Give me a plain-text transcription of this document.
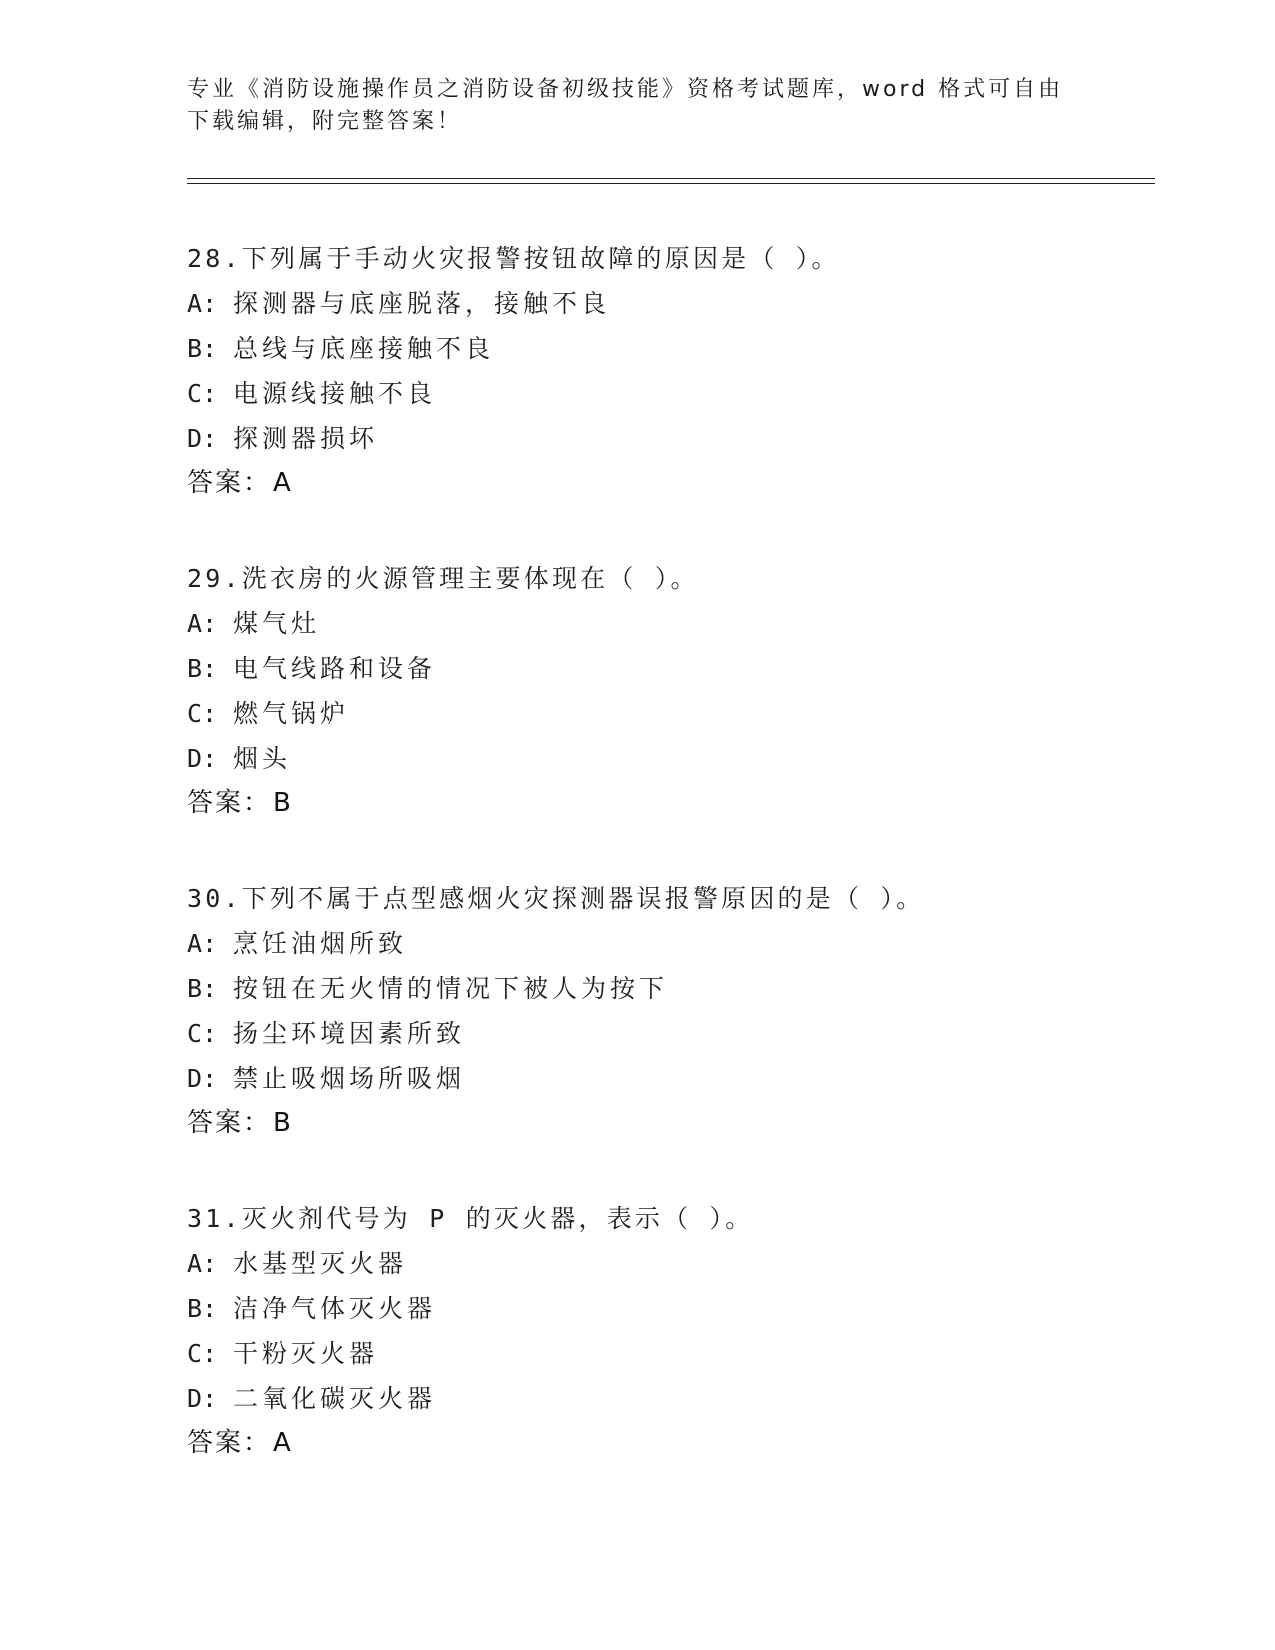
专业《消防设施操作员之消防设备初级技能》资格考试题库，word 格式可自由下载编辑，附完整答案！
28.下列属于手动火灾报警按钮故障的原因是（ ）。
A: 探测器与底座脱落，接触不良
B: 总线与底座接触不良
C: 电源线接触不良
D: 探测器损坏
答案：A
29.洗衣房的火源管理主要体现在（ ）。
A: 煤气灶
B: 电气线路和设备
C: 燃气锅炉
D: 烟头
答案：B
30.下列不属于点型感烟火灾探测器误报警原因的是（ ）。
A: 烹饪油烟所致
B: 按钮在无火情的情况下被人为按下
C: 扬尘环境因素所致
D: 禁止吸烟场所吸烟
答案：B
31.灭火剂代号为 P 的灭火器，表示（ ）。
A: 水基型灭火器
B: 洁净气体灭火器
C: 干粉灭火器
D: 二氧化碳灭火器
答案：A
